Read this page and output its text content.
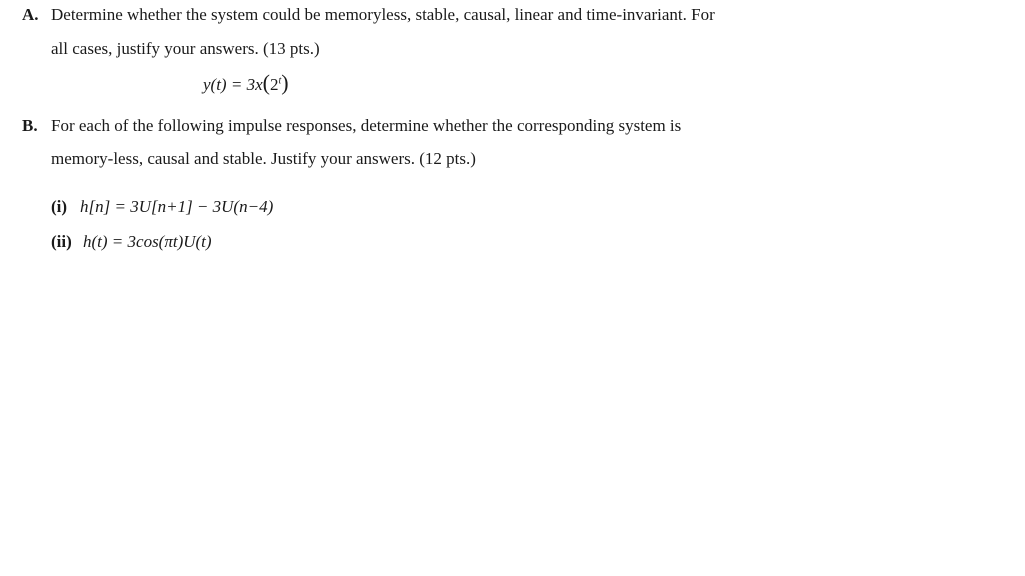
A. Determine whether the system could be memoryless, stable, causal, linear and time-invariant. For
all cases, justify your answers. (13 pts.)
$y(t) = 3x(2^t)$
B. For each of the following impulse responses, determine whether the corresponding system is
memory-less, causal and stable. Justify your answers. (12 pts.)
(i) h[n] = 3U[n+1] − 3U(n−4)
(ii) h(t) = 3cos(πt)U(t)
